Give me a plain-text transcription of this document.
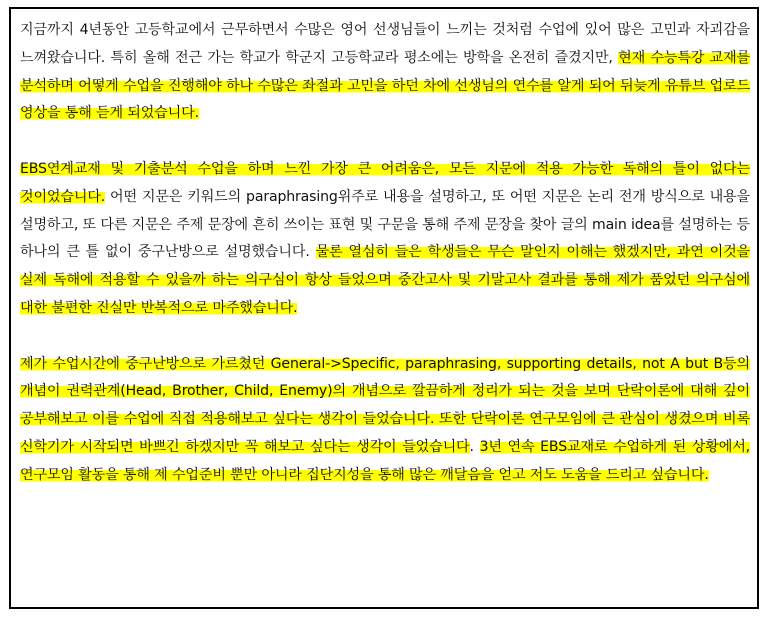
지금까지 4년동안 고등학교에서 근무하면서 수많은 영어 선생님들이 느끼는 것처럼 수업에 있어 많은 고민과 자괴감을 느껴왔습니다. 특히 올해 전근 가는 학교가 학군지 고등학교라 평소에는 방학을 온전히 즐겼지만, 현재 수능특강 교재를 분석하며 어떻게 수업을 진행해야 하나 수많은 좌절과 고민을 하던 차에 선생님의 연수를 알게 되어 뒤늦게 유튜브 업로드 영상을 통해 듣게 되었습니다.

EBS연계교재 및 기출분석 수업을 하며 느낀 가장 큰 어려움은, 모든 지문에 적용 가능한 독해의 틀이 없다는 것이었습니다. 어떤 지문은 키워드의 paraphrasing위주로 내용을 설명하고, 또 어떤 지문은 논리 전개 방식으로 내용을 설명하고, 또 다른 지문은 주제 문장에 흔히 쓰이는 표현 및 구문을 통해 주제 문장을 찾아 글의 main idea를 설명하는 등 하나의 큰 틀 없이 중구난방으로 설명했습니다. 물론 열심히 들은 학생들은 무슨 말인지 이해는 했겠지만, 과연 이것을 실제 독해에 적용할 수 있을까 하는 의구심이 항상 들었으며 중간고사 및 기말고사 결과를 통해 제가 품었던 의구심에 대한 불편한 진실만 반복적으로 마주했습니다.

제가 수업시간에 중구난방으로 가르쳤던 General->Specific, paraphrasing, supporting details, not A but B등의 개념이 권력관계(Head, Brother, Child, Enemy)의 개념으로 깔끔하게 정리가 되는 것을 보며 단락이론에 대해 깊이 공부해보고 이를 수업에 직접 적용해보고 싶다는 생각이 들었습니다. 또한 단락이론 연구모임에 큰 관심이 생겼으며 비록 신학기가 시작되면 바쁘긴 하겠지만 꼭 해보고 싶다는 생각이 들었습니다. 3년 연속 EBS교재로 수업하게 된 상황에서, 연구모임 활동을 통해 제 수업준비 뿐만 아니라 집단지성을 통해 많은 깨달음을 얻고 저도 도움을 드리고 싶습니다.
